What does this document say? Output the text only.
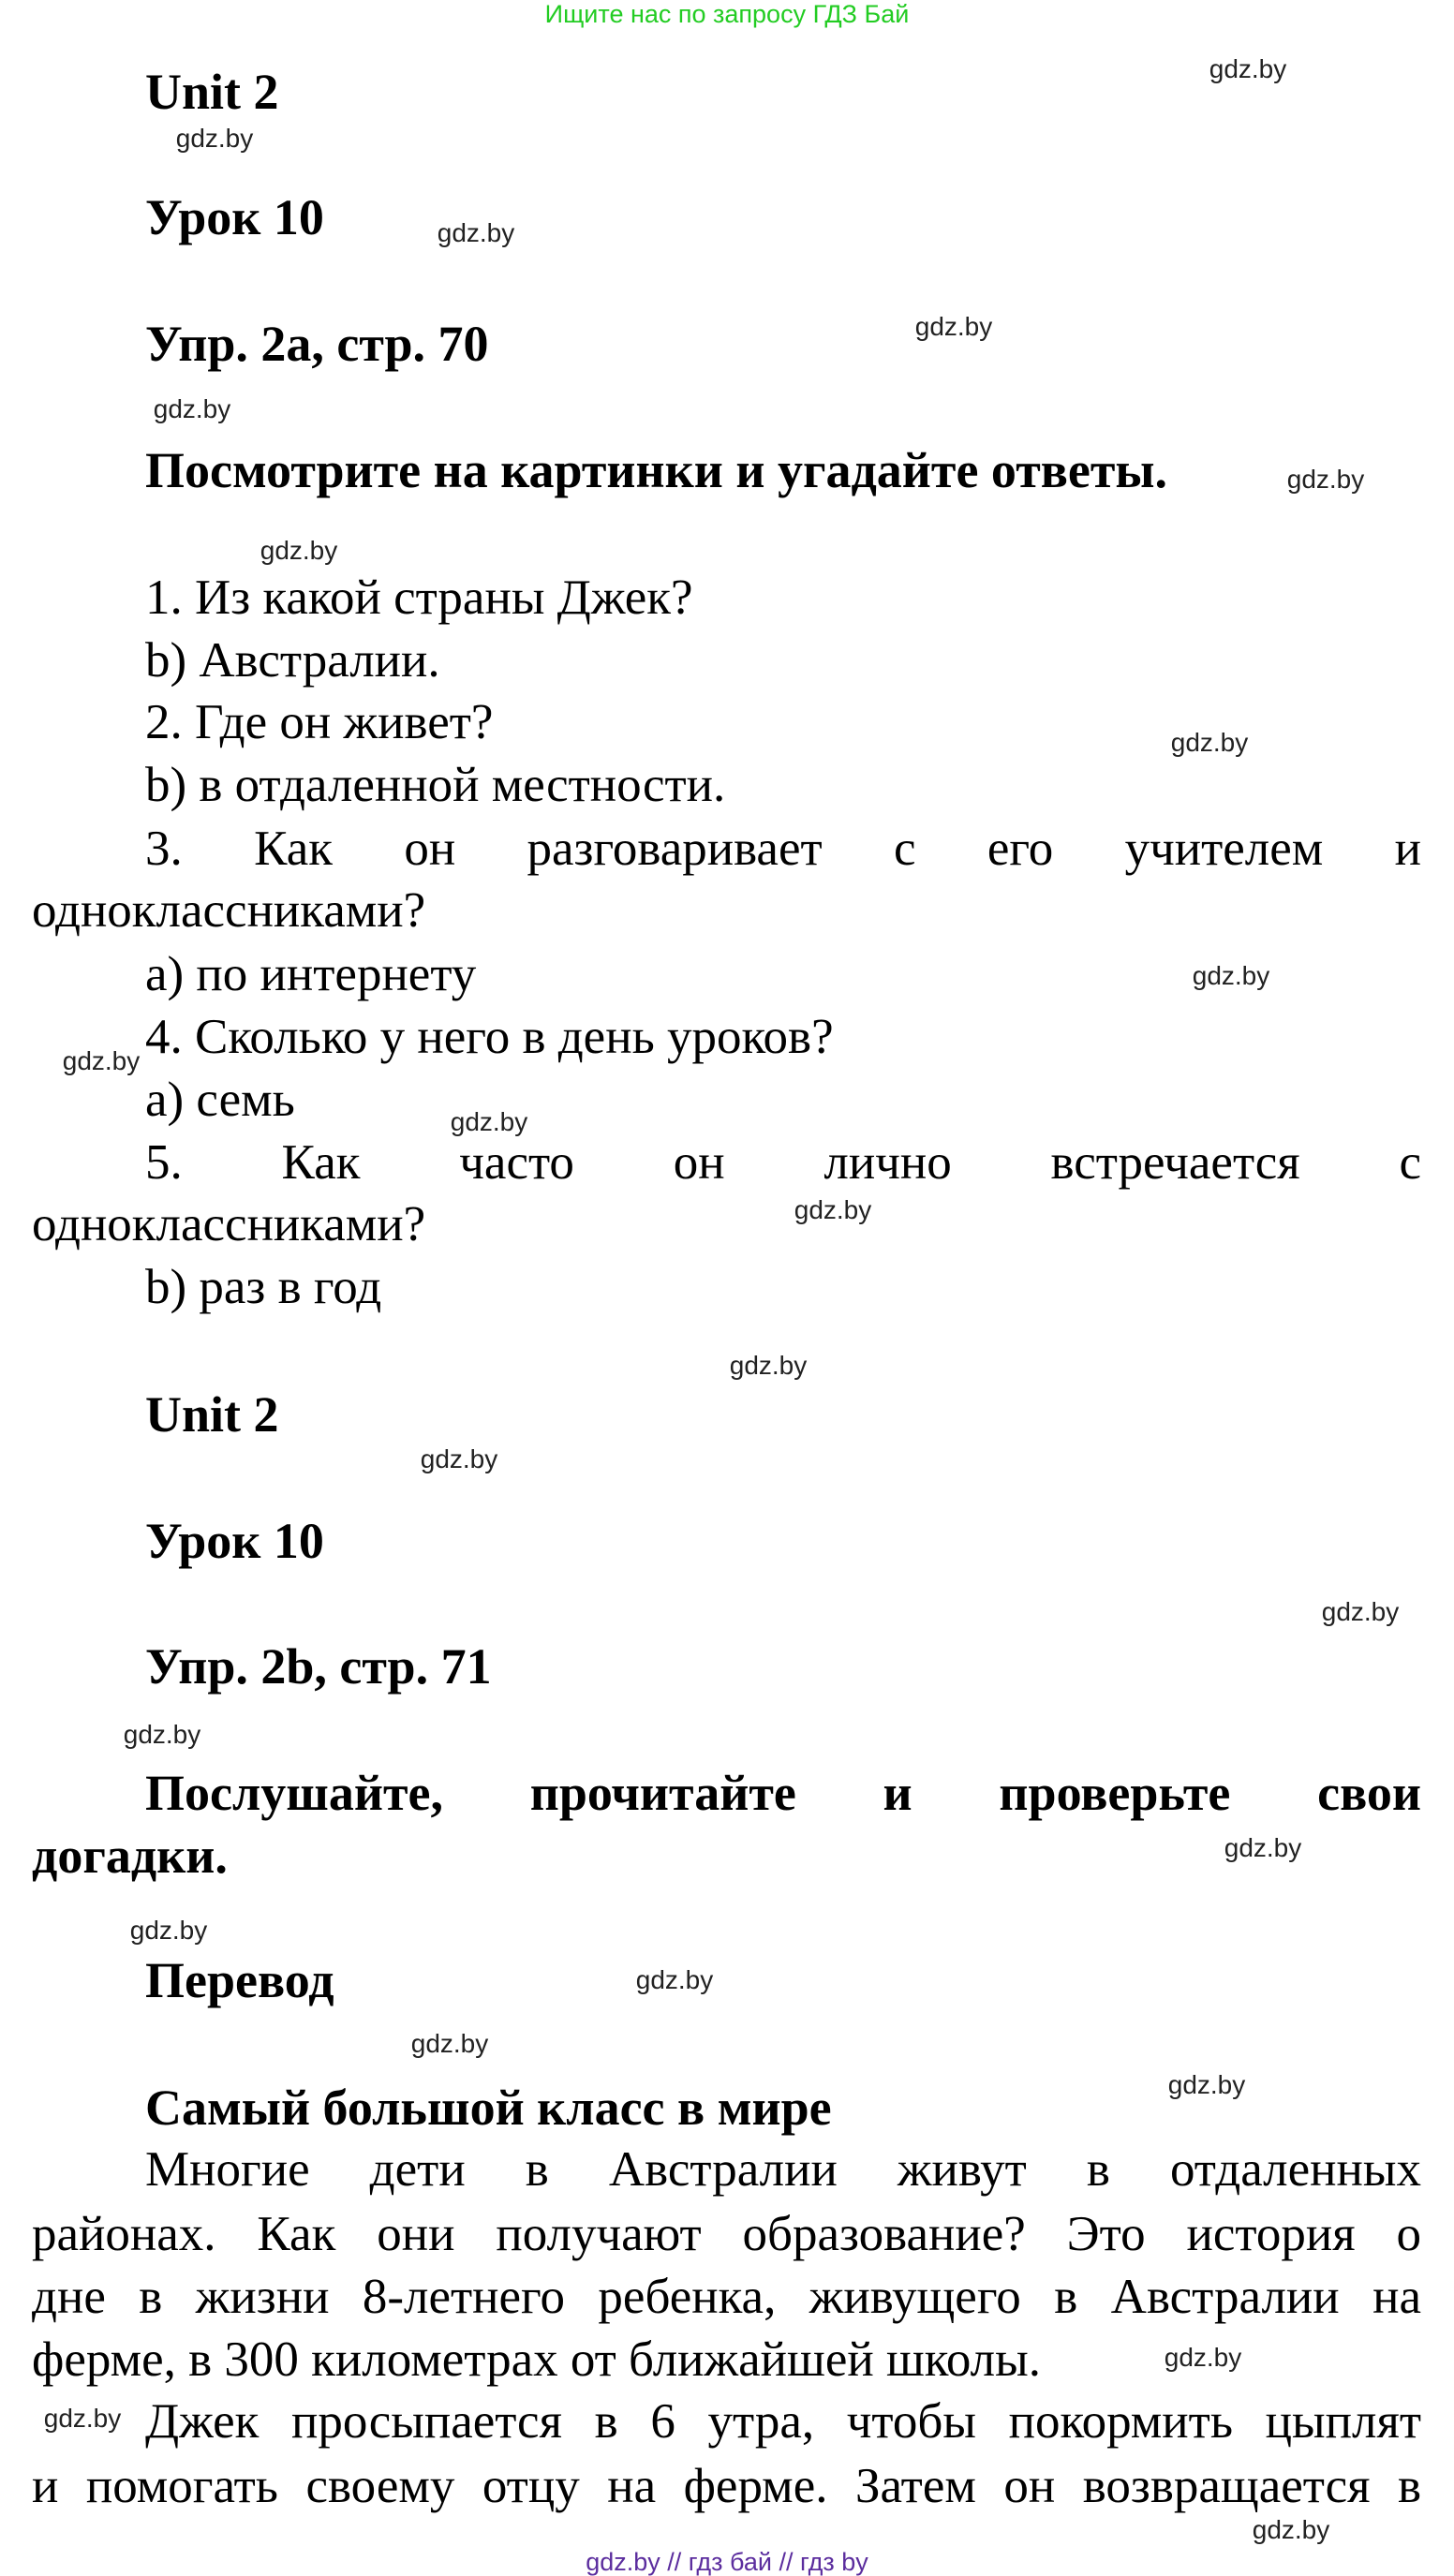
Ищите нас по запросу ГДЗ Бай
Unit 2
Урок 10
Упр. 2a, стр. 70
Посмотрите на картинки и угадайте ответы.
1. Из какой страны Джек?
b) Австралии.
2. Где он живет?
b) в отдаленной местности.
3. Как он разговаривает с его учителем и
одноклассниками?
a) по интернету
4. Сколько у него в день уроков?
a) семь
5. Как часто он лично встречается с
одноклассниками?
b) раз в год
Unit 2
Урок 10
Упр. 2b, стр. 71
Послушайте, прочитайте и проверьте свои
догадки.
Перевод
Самый большой класс в мире
Многие дети в Австралии живут в отдаленных
районах. Как они получают образование? Это история о
дне в жизни 8-летнего ребенка, живущего в Австралии на
ферме, в 300 километрах от ближайшей школы.
Джек просыпается в 6 утра, чтобы покормить цыплят
и помогать своему отцу на ферме. Затем он возвращается в
gdz.by
gdz.by
gdz.by
gdz.by
gdz.by
gdz.by
gdz.by
gdz.by
gdz.by
gdz.by
gdz.by
gdz.by
gdz.by
gdz.by
gdz.by
gdz.by
gdz.by
gdz.by
gdz.by
gdz.by
gdz.by
gdz.by
gdz.by
gdz.by
gdz.by // гдз бай // гдз by
